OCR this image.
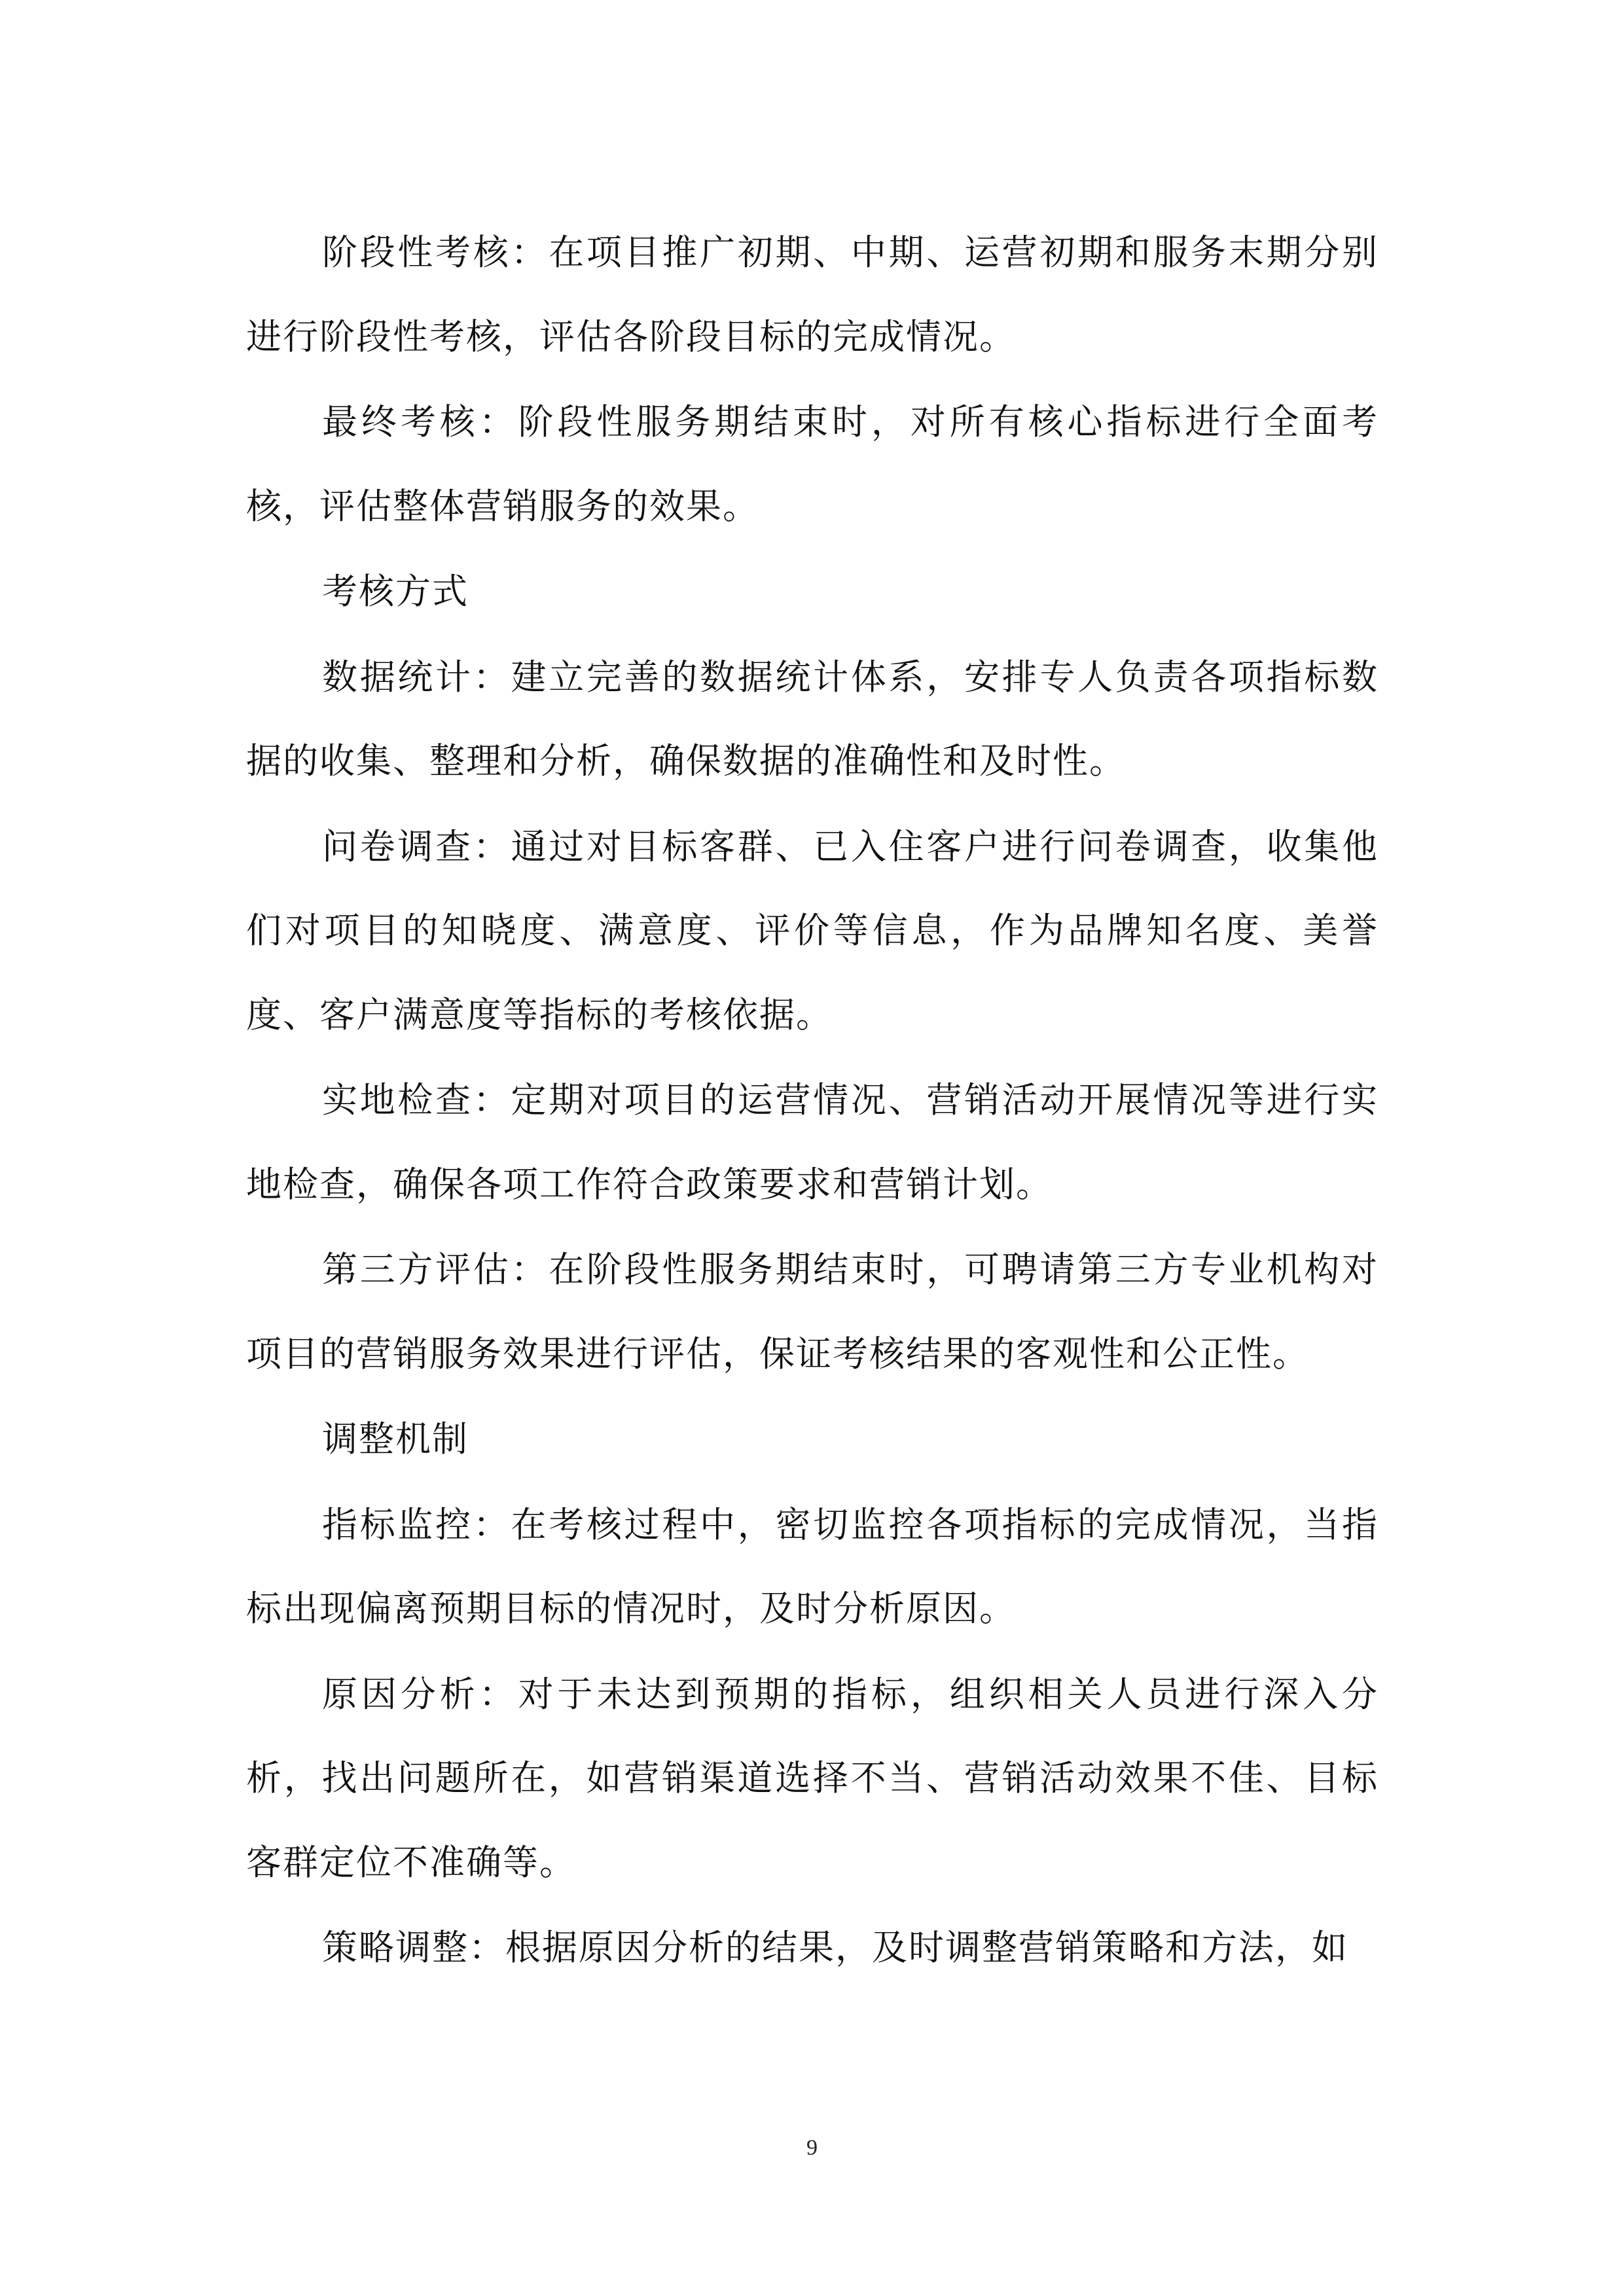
阶段性考核：在项目推广初期、中期、运营初期和服务末期分别进行阶段性考核，评估各阶段目标的完成情况。

最终考核：阶段性服务期结束时，对所有核心指标进行全面考核，评估整体营销服务的效果。

考核方式

数据统计：建立完善的数据统计体系，安排专人负责各项指标数据的收集、整理和分析，确保数据的准确性和及时性。

问卷调查：通过对目标客群、已入住客户进行问卷调查，收集他们对项目的知晓度、满意度、评价等信息，作为品牌知名度、美誉度、客户满意度等指标的考核依据。

实地检查：定期对项目的运营情况、营销活动开展情况等进行实地检查，确保各项工作符合政策要求和营销计划。

第三方评估：在阶段性服务期结束时，可聘请第三方专业机构对项目的营销服务效果进行评估，保证考核结果的客观性和公正性。

调整机制

指标监控：在考核过程中，密切监控各项指标的完成情况，当指标出现偏离预期目标的情况时，及时分析原因。

原因分析：对于未达到预期的指标，组织相关人员进行深入分析，找出问题所在，如营销渠道选择不当、营销活动效果不佳、目标客群定位不准确等。

策略调整：根据原因分析的结果，及时调整营销策略和方法，如

9
